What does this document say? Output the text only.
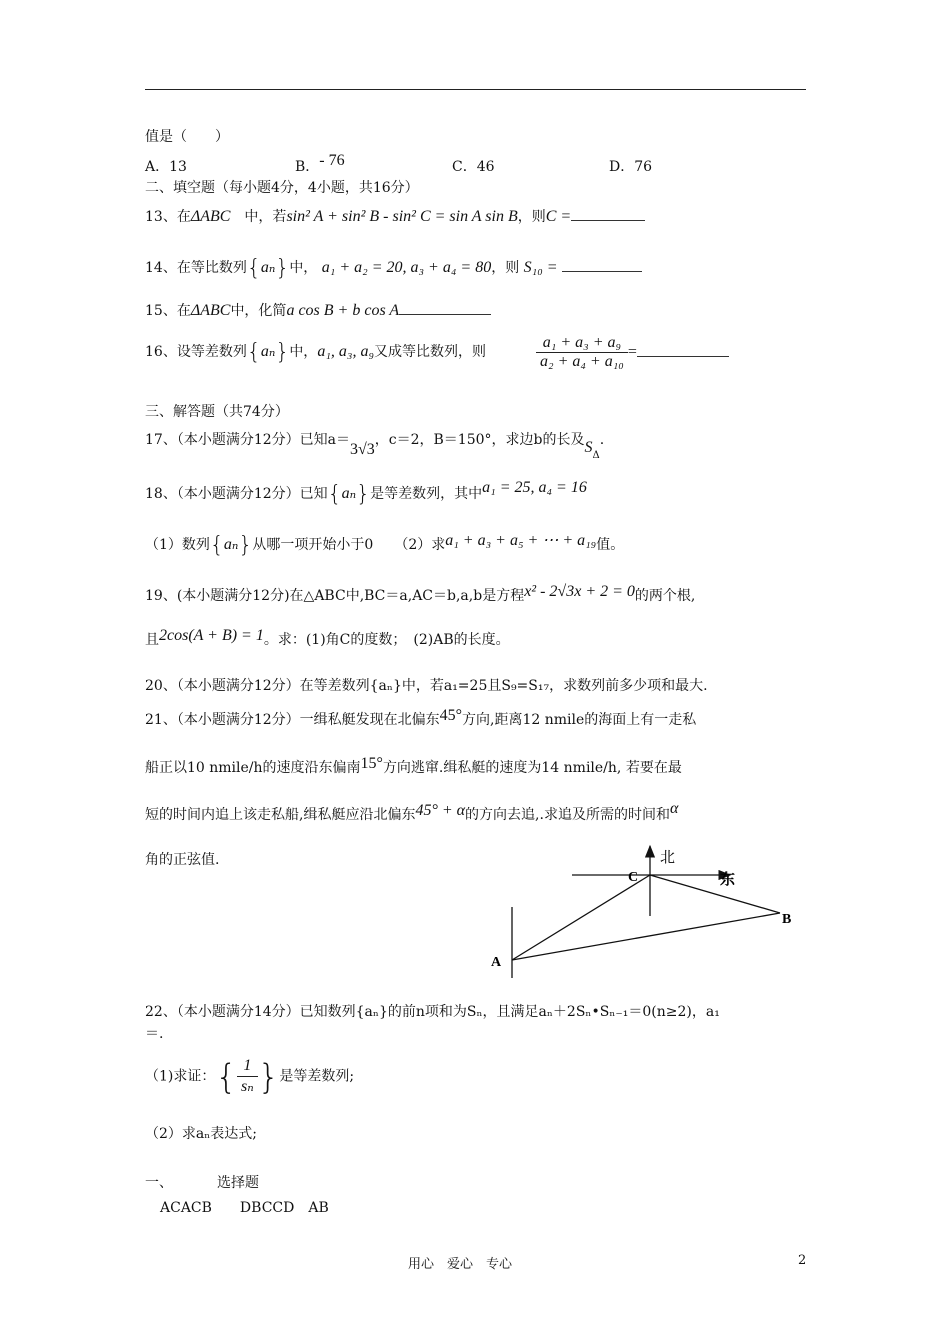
值是（　　）
A．13	B．- 76	C．46	D．76
二、填空题（每小题4分，4小题，共16分）
13、在ΔABC　中，若sin² A + sin² B - sin² C = sin A sin B，则C =
14、在等比数列{aₙ}中， a₁ + a₂ = 20, a₃ + a₄ = 80，则 S₁₀ =
15、在ΔABC中，化简a cos B + b cos A
16、设等差数列{aₙ}中，a₁, a₃, a₉又成等比数列，则	$\frac{\text{a₁ + a₃ + a₉}}{\text{a₂ + a₄ + a₁₀}}$ =
三、解答题（共74分）
17、（本小题满分12分）已知a＝3√3，c＝2，B＝150°，求边b的长及$S_\Delta$.
18、（本小题满分12分）已知{aₙ}是等差数列，其中a₁ = 25, a₄ = 16
（1）数列{aₙ}从哪一项开始小于0　　（2）求a₁ + a₃ + a₅ + ⋯ + a₁₉值。
19、(本小题满分12分)在△ABC中,BC＝a,AC＝b,a,b是方程x² - 2√3x + 2 = 0的两个根,
且2cos(A + B) = 1。求：(1)角C的度数；　(2)AB的长度。
20、（本小题满分12分）在等差数列{aₙ}中，若a₁=25且S₉=S₁₇，求数列前多少项和最大.
21、（本小题满分12分）一缉私艇发现在北偏东45°方向,距离12 nmile的海面上有一走私
船正以10 nmile/h的速度沿东偏南15°方向逃窜.缉私艇的速度为14 nmile/h, 若要在最
短的时间内追上该走私船,缉私艇应沿北偏东45° + α的方向去追,.求追及所需的时间和α
角的正弦值.	北
东
C
B
A
22、（本小题满分14分）已知数列{aₙ}的前n项和为Sₙ，且满足aₙ＋2Sₙ•Sₙ₋₁＝0(n≥2)，a₁
＝.
（1)求证：{ $\frac{1}{\text{sₙ}}$ }是等差数列;
（2）求aₙ表达式;
一、	选择题
ACACB　　DBCCD　AB
用心　爱心　专心	2
